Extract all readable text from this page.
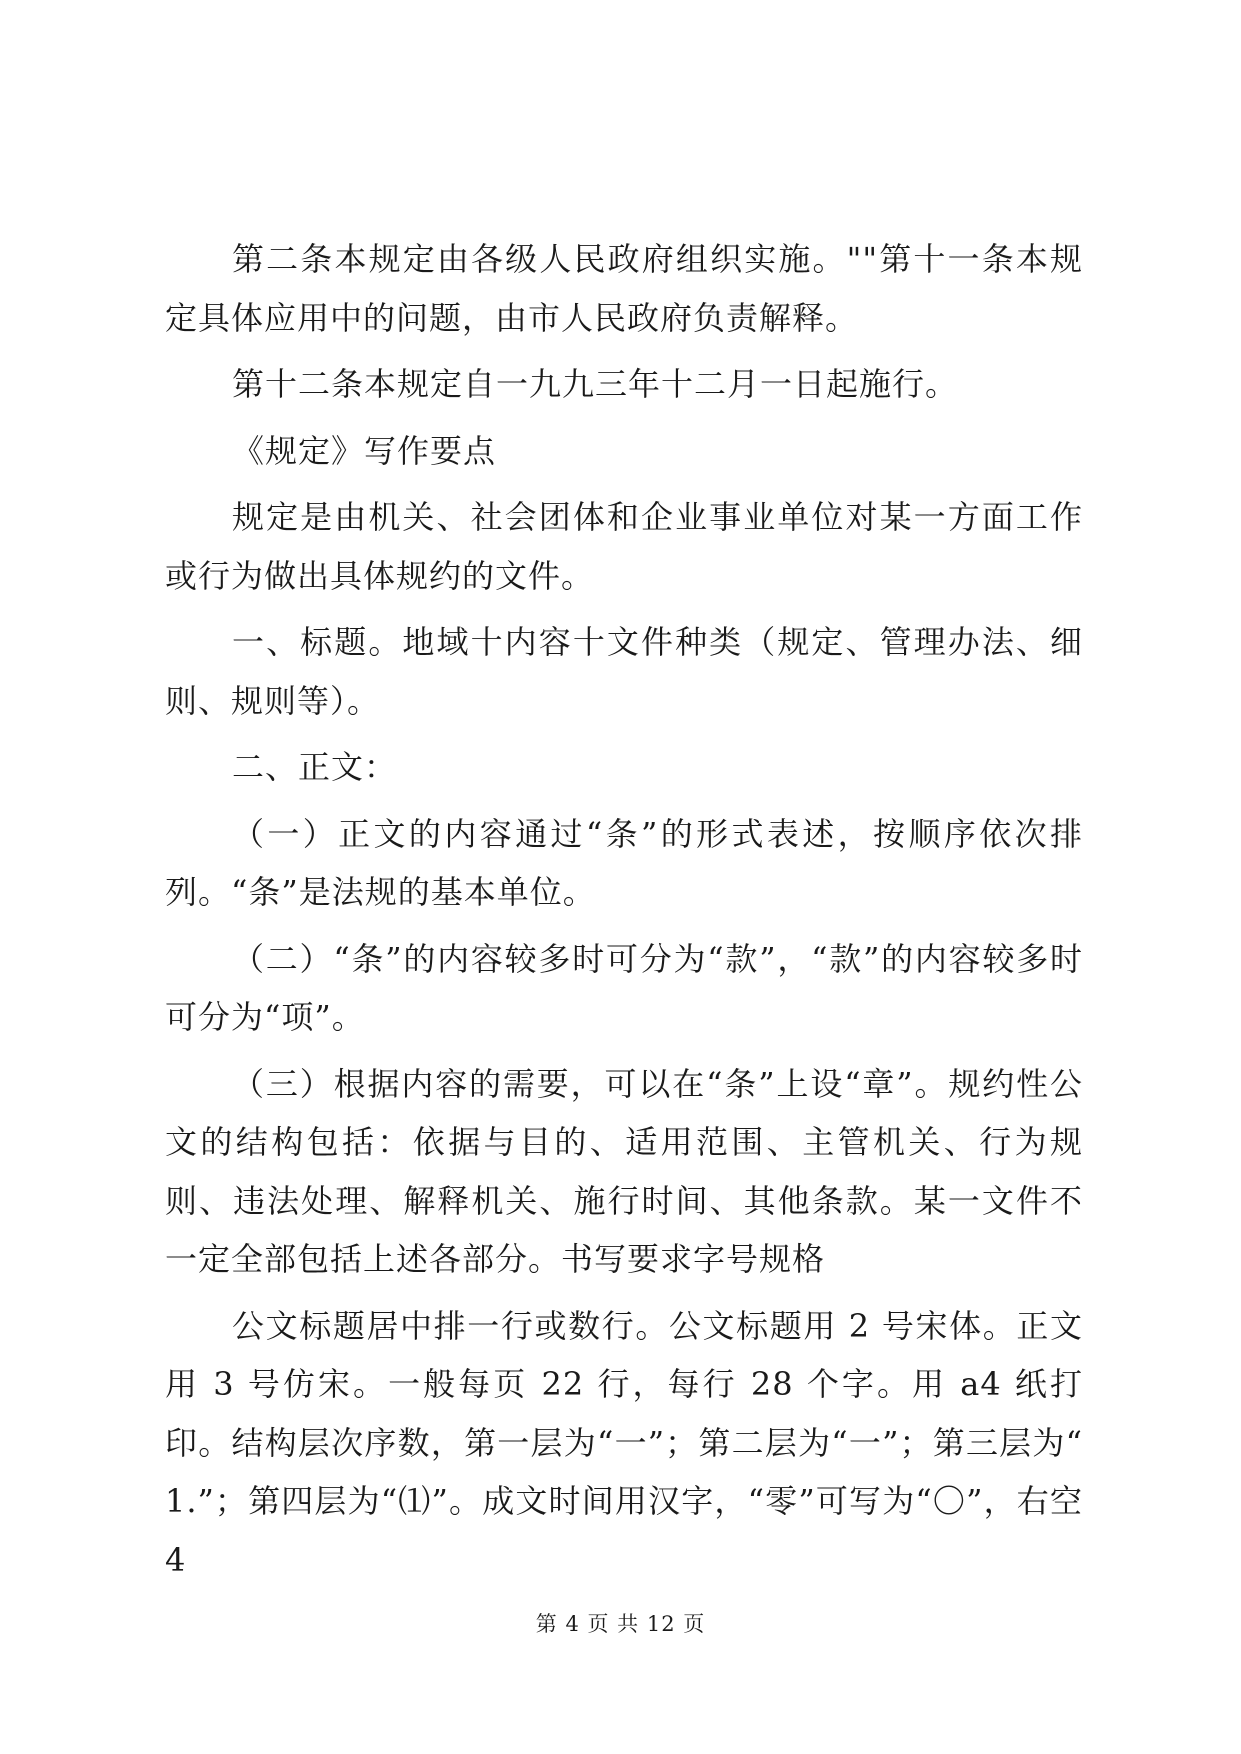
第二条本规定由各级人民政府组织实施。""第十一条本规定具体应用中的问题，由市人民政府负责解释。

第十二条本规定自一九九三年十二月一日起施行。

《规定》写作要点

规定是由机关、社会团体和企业事业单位对某一方面工作或行为做出具体规约的文件。

一、标题。地域十内容十文件种类（规定、管理办法、细则、规则等）。

二、正文：

（一）正文的内容通过“条”的形式表述，按顺序依次排列。“条”是法规的基本单位。

（二）“条”的内容较多时可分为“款”，“款”的内容较多时可分为“项”。

（三）根据内容的需要，可以在“条”上设“章”。规约性公文的结构包括：依据与目的、适用范围、主管机关、行为规则、违法处理、解释机关、施行时间、其他条款。某一文件不一定全部包括上述各部分。书写要求字号规格

公文标题居中排一行或数行。公文标题用 2 号宋体。正文用 3 号仿宋。一般每页 22 行，每行 28 个字。用 a4 纸打印。结构层次序数，第一层为“一”；第二层为“一”；第三层为“ 1.”；第四层为“⑴”。成文时间用汉字，“零”可写为“〇”，右空 4

第 4 页 共 12 页
